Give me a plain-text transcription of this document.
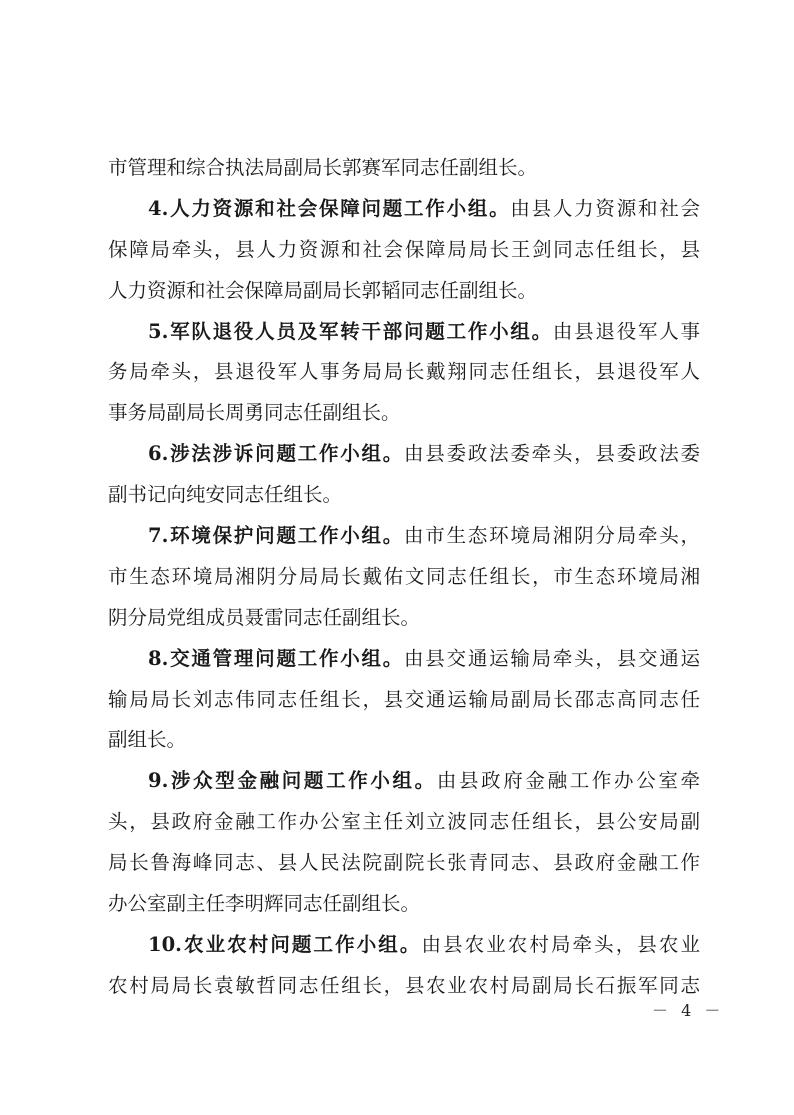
市管理和综合执法局副局长郭赛军同志任副组长。
4.人力资源和社会保障问题工作小组。由县人力资源和社会
保障局牵头，县人力资源和社会保障局局长王剑同志任组长，县
人力资源和社会保障局副局长郭韬同志任副组长。
5.军队退役人员及军转干部问题工作小组。由县退役军人事
务局牵头，县退役军人事务局局长戴翔同志任组长，县退役军人
事务局副局长周勇同志任副组长。
6.涉法涉诉问题工作小组。由县委政法委牵头，县委政法委
副书记向纯安同志任组长。
7.环境保护问题工作小组。由市生态环境局湘阴分局牵头，
市生态环境局湘阴分局局长戴佑文同志任组长，市生态环境局湘
阴分局党组成员聂雷同志任副组长。
8.交通管理问题工作小组。由县交通运输局牵头，县交通运
输局局长刘志伟同志任组长，县交通运输局副局长邵志高同志任
副组长。
9.涉众型金融问题工作小组。由县政府金融工作办公室牵
头，县政府金融工作办公室主任刘立波同志任组长，县公安局副
局长鲁海峰同志、县人民法院副院长张青同志、县政府金融工作
办公室副主任李明辉同志任副组长。
10.农业农村问题工作小组。由县农业农村局牵头，县农业
农村局局长袁敏哲同志任组长，县农业农村局副局长石振军同志
－ 4 －
